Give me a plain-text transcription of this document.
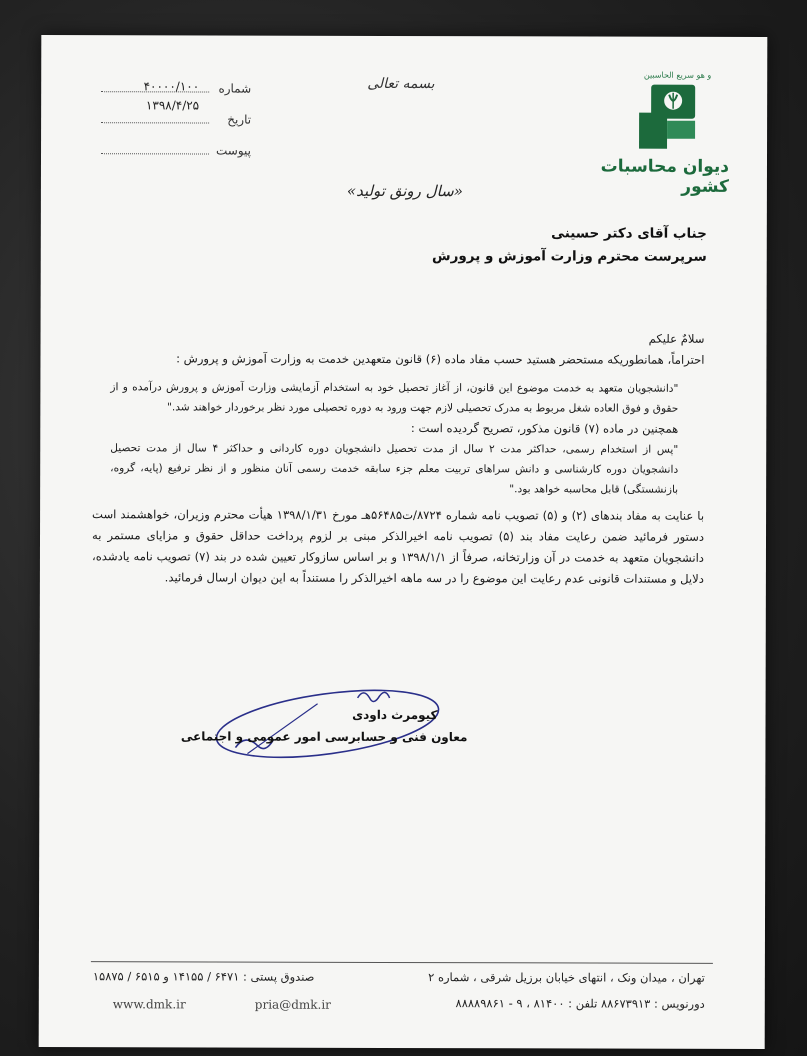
و هو سریع الحاسبین
دیوان محاسبات کشور
بسمه تعالی
شماره
۴۰۰۰۰/۱۰۰
تاریخ
۱۳۹۸/۴/۲۵
پیوست
«سال رونق تولید»
جناب آقای دکتر حسینی
سرپرست محترم وزارت آموزش و پرورش

سلامٌ علیکم

احتراماً، همانطوریکه مستحضر هستید حسب مفاد ماده (۶) قانون متعهدین خدمت به وزارت آموزش و پرورش :

"دانشجویان متعهد به خدمت موضوع این قانون، از آغاز تحصیل خود به استخدام آزمایشی وزارت آموزش و پرورش درآمده و از حقوق و فوق العاده شغل مربوط به مدرک تحصیلی لازم جهت ورود به دوره تحصیلی مورد نظر برخوردار خواهند شد."

همچنین در ماده (۷) قانون مذکور، تصریح گردیده است :

"پس از استخدام رسمی، حداکثر مدت ۲ سال از مدت تحصیل دانشجویان دوره کاردانی و حداکثر ۴ سال از مدت تحصیل دانشجویان دوره کارشناسی و دانش سراهای تربیت معلم جزء سابقه خدمت رسمی آنان منظور و از نظر ترفیع (پایه، گروه، بازنشستگی) قابل محاسبه خواهد بود."

با عنایت به مفاد بندهای (۲) و (۵) تصویب نامه شماره ۸۷۲۴/ت۵۶۴۸۵هـ مورخ ۱۳۹۸/۱/۳۱ هیأت محترم وزیران، خواهشمند است دستور فرمائید ضمن رعایت مفاد بند (۵) تصویب نامه اخیرالذکر مبنی بر لزوم پرداخت حداقل حقوق و مزایای مستمر به دانشجویان متعهد به خدمت در آن وزارتخانه، صرفاً از ۱۳۹۸/۱/۱ و بر اساس سازوکار تعیین شده در بند (۷) تصویب نامه یادشده، دلایل و مستندات قانونی عدم رعایت این موضوع را در سه ماهه اخیرالذکر را مستنداً به این دیوان ارسال فرمائید.

کیومرث داودی
معاون فنی و حسابرسی امور عمومی و اجتماعی
تهران ، میدان ونک ، انتهای خیابان برزیل شرقی ، شماره ۲
دورنویس : ۸۸۶۷۳۹۱۳ تلفن : ۸۱۴۰۰ ، ۹ - ۸۸۸۸۹۸۶۱
صندوق پستی : ۶۴۷۱ / ۱۴۱۵۵ و ۶۵۱۵ / ۱۵۸۷۵
pria@dmk.ir
www.dmk.ir
